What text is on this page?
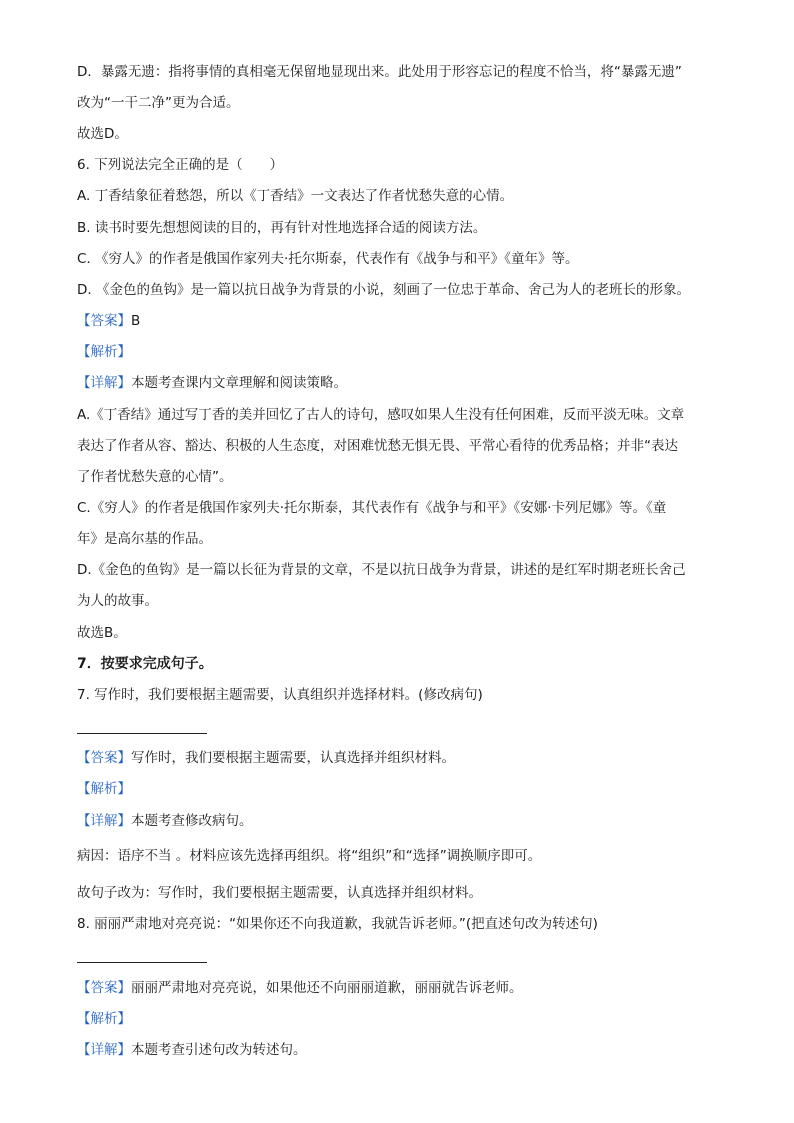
D．暴露无遗：指将事情的真相毫无保留地显现出来。此处用于形容忘记的程度不恰当，将“暴露无遗”

改为“一干二净”更为合适。

故选D。

6. 下列说法完全正确的是（　　）

A. 丁香结象征着愁怨，所以《丁香结》一文表达了作者忧愁失意的心情。

B. 读书时要先想想阅读的目的，再有针对性地选择合适的阅读方法。

C. 《穷人》的作者是俄国作家列夫·托尔斯泰，代表作有《战争与和平》《童年》等。

D. 《金色的鱼钩》是一篇以抗日战争为背景的小说，刻画了一位忠于革命、舍己为人的老班长的形象。

【答案】B

【解析】

【详解】本题考查课内文章理解和阅读策略。

A.《丁香结》通过写丁香的美并回忆了古人的诗句，感叹如果人生没有任何困难，反而平淡无味。文章

表达了作者从容、豁达、积极的人生态度，对困难忧愁无惧无畏、平常心看待的优秀品格；并非“表达

了作者忧愁失意的心情”。

C.《穷人》的作者是俄国作家列夫·托尔斯泰，其代表作有《战争与和平》《安娜·卡列尼娜》等。《童

年》是高尔基的作品。

D.《金色的鱼钩》是一篇以长征为背景的文章，不是以抗日战争为背景，讲述的是红军时期老班长舍己

为人的故事。

故选B。

7．按要求完成句子。

7. 写作时，我们要根据主题需要，认真组织并选择材料。(修改病句)

【答案】写作时，我们要根据主题需要，认真选择并组织材料。

【解析】

【详解】本题考查修改病句。

病因：语序不当 。材料应该先选择再组织。将“组织”和“选择”调换顺序即可。

故句子改为：写作时，我们要根据主题需要，认真选择并组织材料。

8. 丽丽严肃地对亮亮说：“如果你还不向我道歉，我就告诉老师。”(把直述句改为转述句)

【答案】丽丽严肃地对亮亮说，如果他还不向丽丽道歉，丽丽就告诉老师。

【解析】

【详解】本题考查引述句改为转述句。
